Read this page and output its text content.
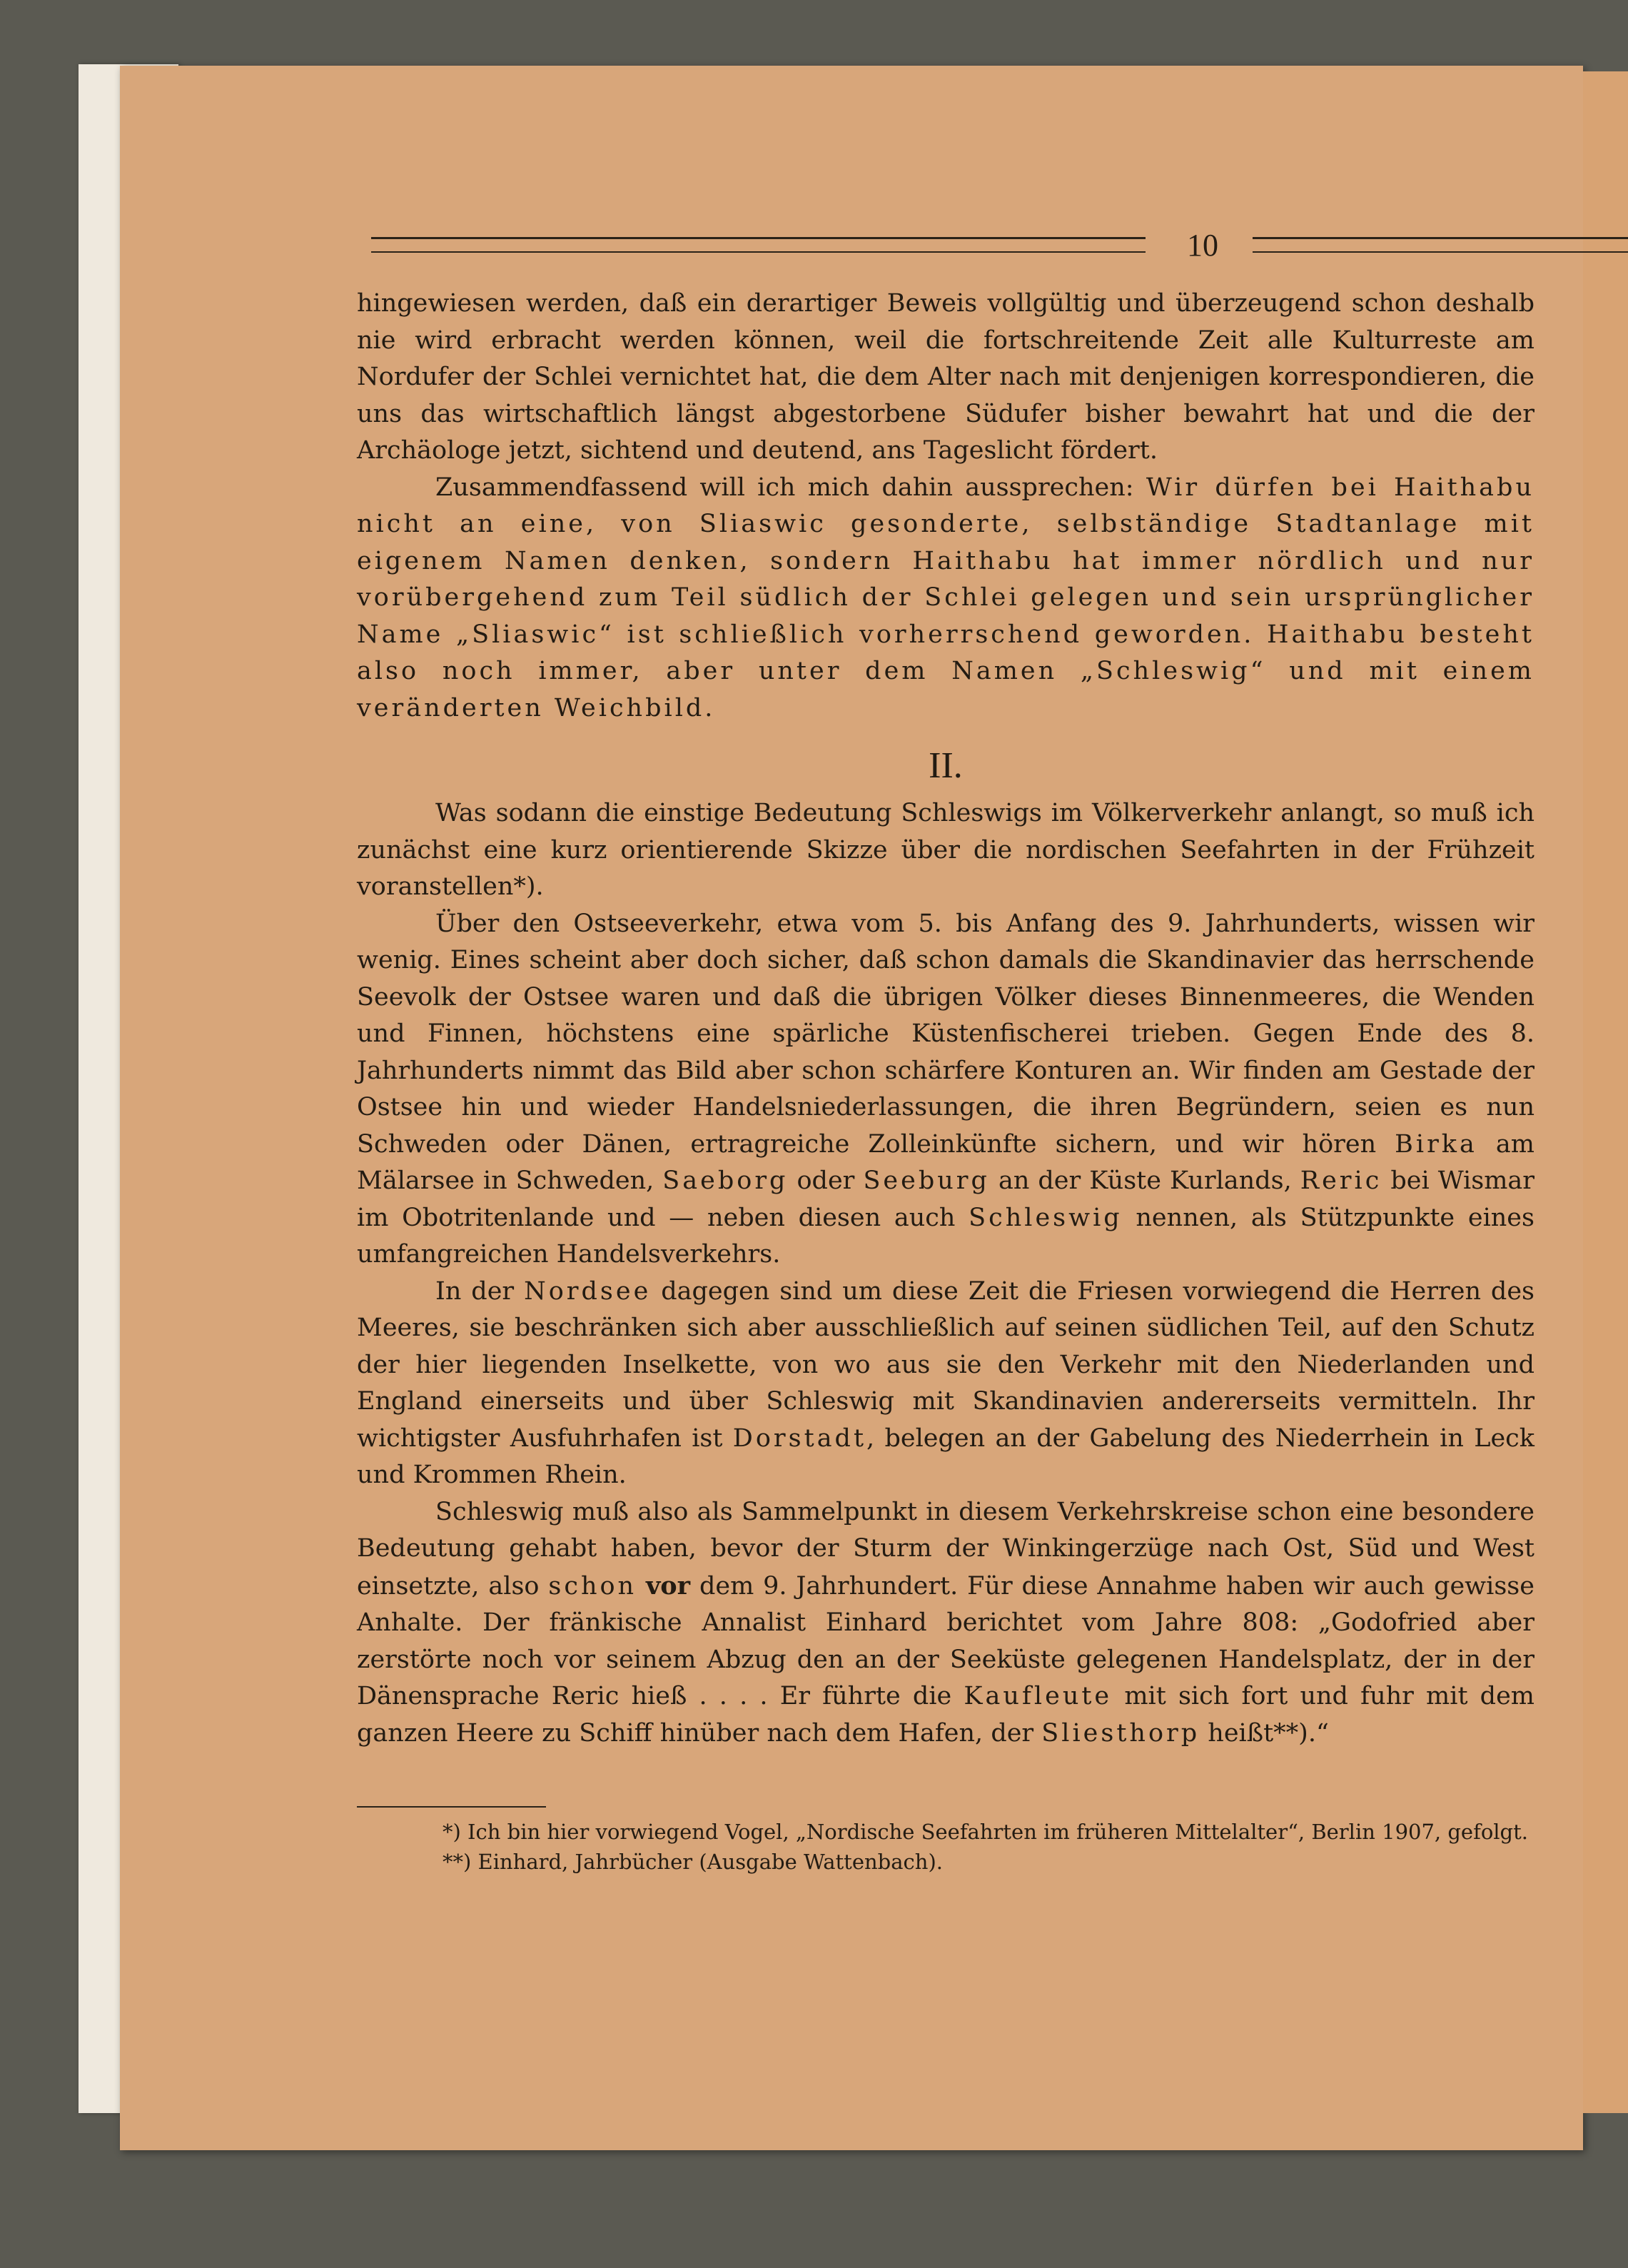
10

hingewiesen werden, daß ein derartiger Beweis vollgültig und überzeugend schon deshalb nie wird erbracht werden können, weil die fortschreitende Zeit alle Kulturreste am Nordufer der Schlei vernichtet hat, die dem Alter nach mit denjenigen korrespondieren, die uns das wirtschaftlich längst abgestorbene Südufer bisher bewahrt hat und die der Archäologe jetzt, sichtend und deutend, ans Tageslicht fördert.

Zusammendfassend will ich mich dahin aussprechen: Wir dürfen bei Haithabu nicht an eine, von Sliaswic gesonderte, selbständige Stadtanlage mit eigenem Namen denken, sondern Haithabu hat immer nördlich und nur vorübergehend zum Teil südlich der Schlei gelegen und sein ursprünglicher Name „Sliaswic“ ist schließlich vorherrschend geworden. Haithabu besteht also noch immer, aber unter dem Namen „Schleswig“ und mit einem veränderten Weichbild.

II.

Was sodann die einstige Bedeutung Schleswigs im Völkerverkehr anlangt, so muß ich zunächst eine kurz orientierende Skizze über die nordischen Seefahrten in der Frühzeit voranstellen*).

Über den Ostseeverkehr, etwa vom 5. bis Anfang des 9. Jahrhunderts, wissen wir wenig. Eines scheint aber doch sicher, daß schon damals die Skandinavier das herrschende Seevolk der Ostsee waren und daß die übrigen Völker dieses Binnenmeeres, die Wenden und Finnen, höchstens eine spärliche Küstenfischerei trieben. Gegen Ende des 8. Jahrhunderts nimmt das Bild aber schon schärfere Konturen an. Wir finden am Gestade der Ostsee hin und wieder Handelsniederlassungen, die ihren Begründern, seien es nun Schweden oder Dänen, ertragreiche Zolleinkünfte sichern, und wir hören Birka am Mälarsee in Schweden, Saeborg oder Seeburg an der Küste Kurlands, Reric bei Wismar im Obotritenlande und — neben diesen auch Schleswig nennen, als Stützpunkte eines umfangreichen Handelsverkehrs.

In der Nordsee dagegen sind um diese Zeit die Friesen vorwiegend die Herren des Meeres, sie beschränken sich aber ausschließlich auf seinen südlichen Teil, auf den Schutz der hier liegenden Inselkette, von wo aus sie den Verkehr mit den Niederlanden und England einerseits und über Schleswig mit Skandinavien andererseits vermitteln. Ihr wichtigster Ausfuhrhafen ist Dorstadt, belegen an der Gabelung des Niederrhein in Leck und Krommen Rhein.

Schleswig muß also als Sammelpunkt in diesem Verkehrskreise schon eine besondere Bedeutung gehabt haben, bevor der Sturm der Winkingerzüge nach Ost, Süd und West einsetzte, also schon vor dem 9. Jahrhundert. Für diese Annahme haben wir auch gewisse Anhalte. Der fränkische Annalist Einhard berichtet vom Jahre 808: „Godofried aber zerstörte noch vor seinem Abzug den an der Seeküste gelegenen Handelsplatz, der in der Dänensprache Reric hieß . . . . Er führte die Kaufleute mit sich fort und fuhr mit dem ganzen Heere zu Schiff hinüber nach dem Hafen, der Sliesthorp heißt**).“

*) Ich bin hier vorwiegend Vogel, „Nordische Seefahrten im früheren Mittelalter“, Berlin 1907, gefolgt.

**) Einhard, Jahrbücher (Ausgabe Wattenbach).
